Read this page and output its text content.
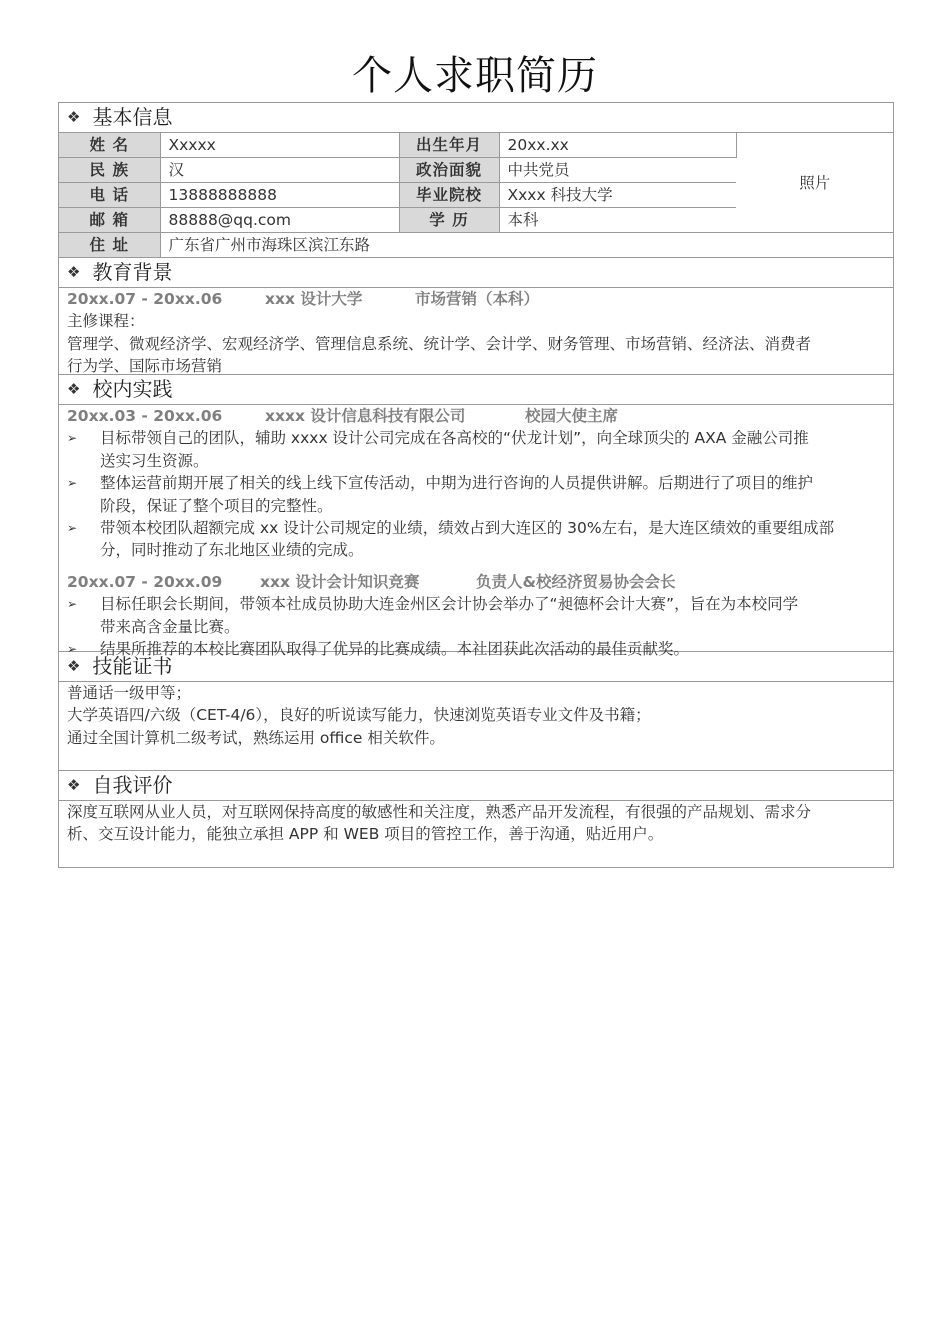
个人求职简历
❖ 基本信息
姓 名	Xxxxx	出生年月	20xx.xx	照片
民 族	汉	政治面貌	中共党员	
电 话	13888888888	毕业院校	Xxxx 科技大学	
邮 箱	88888@qq.com	学 历	本科	
住 址	广东省广州市海珠区滨江东路			
❖ 教育背景
20xx.07 - 20xx.06	xxx 设计大学	市场营销（本科）

主修课程：

管理学、微观经济学、宏观经济学、管理信息系统、统计学、会计学、财务管理、市场营销、经济法、消费者

行为学、国际市场营销

❖ 校内实践
20xx.03 - 20xx.06	xxxx 设计信息科技有限公司	校园大使主席
➢ 目标带领自己的团队，辅助 xxxx 设计公司完成在各高校的“伏龙计划”，向全球顶尖的 AXA 金融公司推

送实习生资源。

➢ 整体运营前期开展了相关的线上线下宣传活动，中期为进行咨询的人员提供讲解。后期进行了项目的维护

阶段，保证了整个项目的完整性。

➢ 带领本校团队超额完成 xx 设计公司规定的业绩，绩效占到大连区的 30%左右，是大连区绩效的重要组成部

分，同时推动了东北地区业绩的完成。

20xx.07 - 20xx.09 xxx 设计会计知识竞赛	负责人&校经济贸易协会会长
➢ 目标任职会长期间，带领本社成员协助大连金州区会计协会举办了“昶德杯会计大赛”，旨在为本校同学

带来高含金量比赛。

➢ 结果所推荐的本校比赛团队取得了优异的比赛成绩。本社团获此次活动的最佳贡献奖。

❖ 技能证书

普通话一级甲等；

大学英语四/六级（CET-4/6），良好的听说读写能力，快速浏览英语专业文件及书籍；

通过全国计算机二级考试，熟练运用 office 相关软件。

❖ 自我评价

深度互联网从业人员，对互联网保持高度的敏感性和关注度，熟悉产品开发流程，有很强的产品规划、需求分

析、交互设计能力，能独立承担 APP 和 WEB 项目的管控工作，善于沟通，贴近用户。
